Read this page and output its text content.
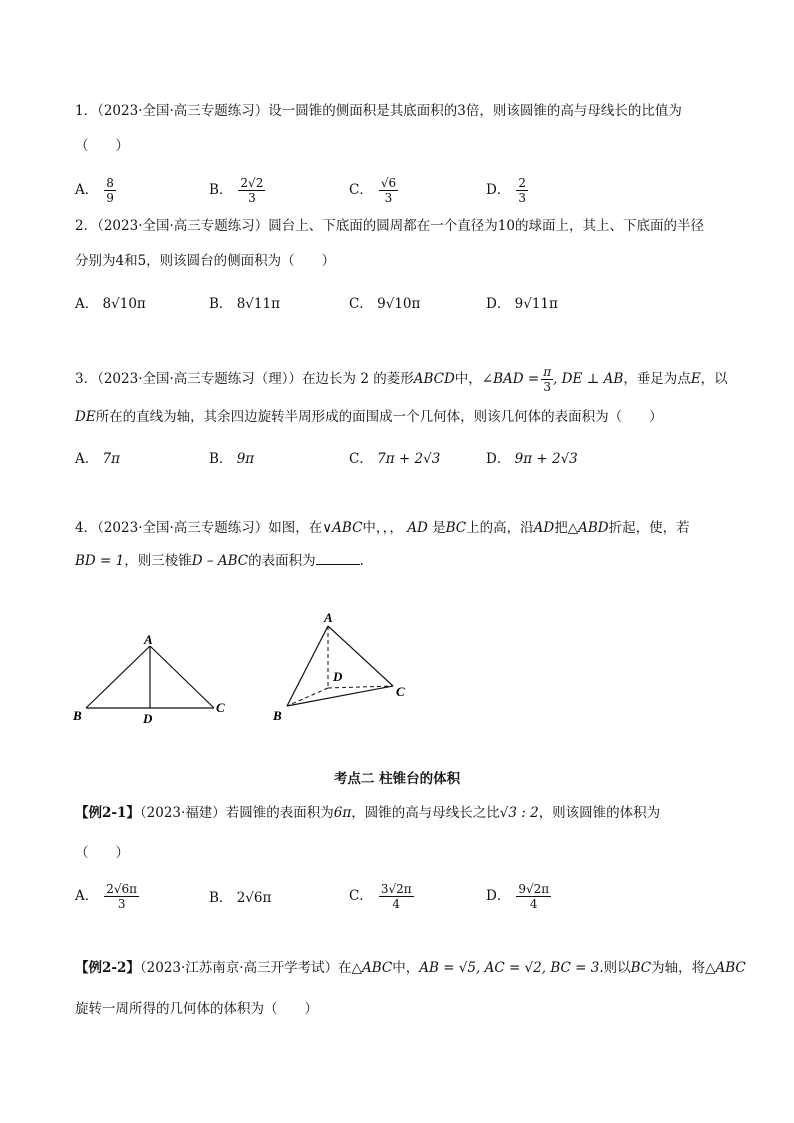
1．（2023·全国·高三专题练习）设一圆锥的侧面积是其底面积的3倍，则该圆锥的高与母线长的比值为
（　　）
A． $\frac{8}{9}$	B． $\frac{2√2}{3}$	C． $\frac{√6}{3}$	D． $\frac{2}{3}$
2．（2023·全国·高三专题练习）圆台上、下底面的圆周都在一个直径为10的球面上，其上、下底面的半径
分别为4和5，则该圆台的侧面积为（　　）
A． 8√10π	B． 8√11π	C． 9√10π	D． 9√11π
3．（2023·全国·高三专题练习（理））在边长为 2 的菱形ABCD中，∠BAD = $\frac{\pi}{3}$ , DE ⊥ AB，垂足为点E，以
DE所在的直线为轴，其余四边旋转半周形成的面围成一个几何体，则该几何体的表面积为（　　）
A． 7π	B． 9π	C． 7π + 2√3	D． 9π + 2√3
4．（2023·全国·高三专题练习）如图，在∨ABC中，，， AD 是BC上的高，沿AD把△ABD折起，使，若
BD = 1，则三棱锥D – ABC的表面积为	.
A
B
C
D
A
B
C
D
考点二 柱锥台的体积
【例2-1】（2023·福建）若圆锥的表面积为6π，圆锥的高与母线长之比√3 : 2，则该圆锥的体积为
（　　）
A． $\frac{2√6\pi}{3}$	B． 2√6π	C． $\frac{3√2\pi}{4}$	D． $\frac{9√2\pi}{4}$
【例2-2】（2023·江苏南京·高三开学考试）在△ABC中，AB = √5, AC = √2, BC = 3.则以BC为轴，将△ABC
旋转一周所得的几何体的体积为（　　）
